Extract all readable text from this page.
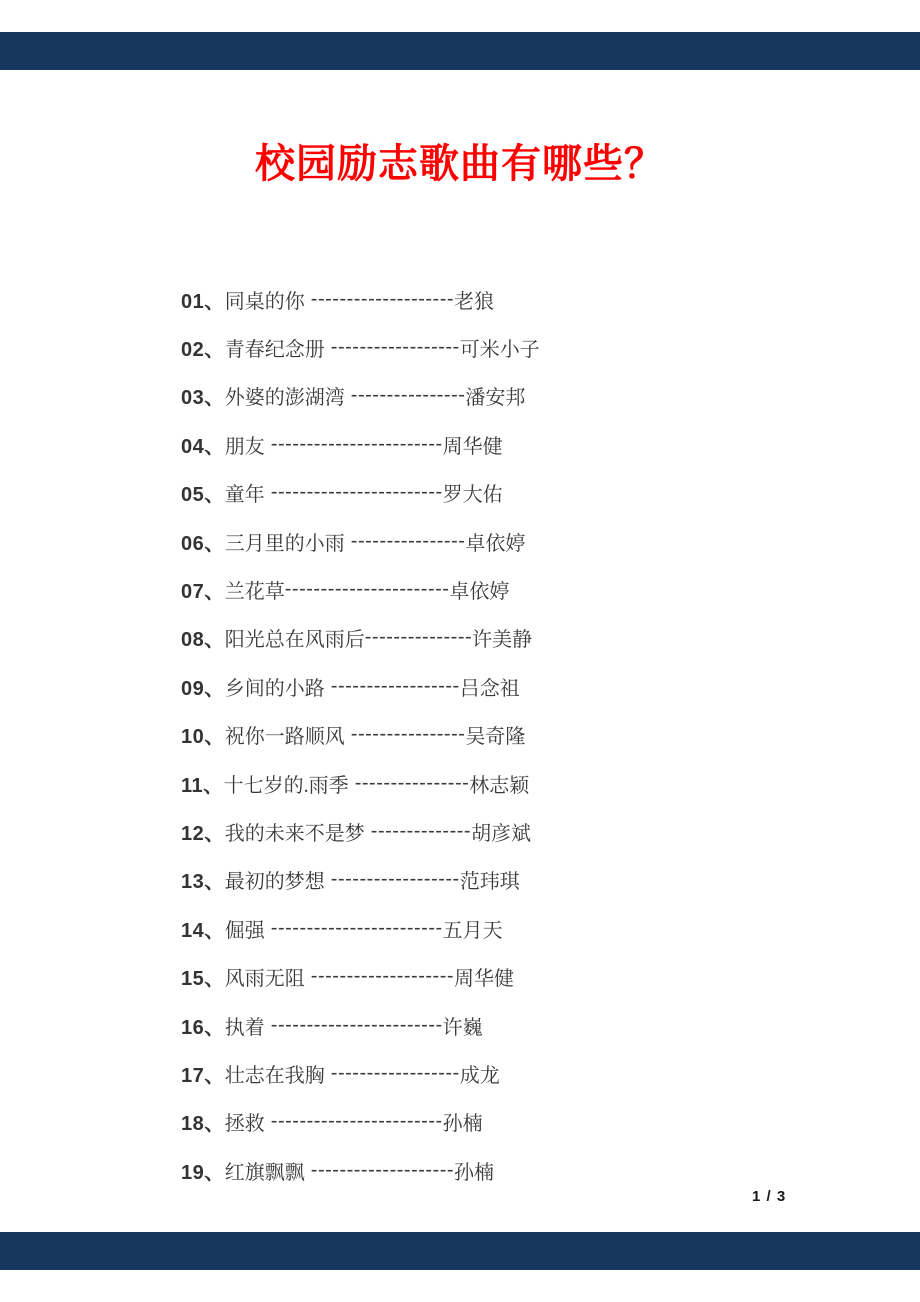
校园励志歌曲有哪些？
01、 同桌的你 -------------------- 老狼
02、 青春纪念册 ------------------ 可米小子
03、 外婆的澎湖湾 ---------------- 潘安邦
04、 朋友 ------------------------ 周华健
05、 童年 ------------------------ 罗大佑
06、 三月里的小雨 ---------------- 卓依婷
07、 兰花草 ----------------------- 卓依婷
08、 阳光总在风雨后 --------------- 许美静
09、 乡间的小路 ------------------ 吕念祖
10、 祝你一路顺风 ---------------- 吴奇隆
11、 十七岁的.雨季 ---------------- 林志颖
12、 我的未来不是梦 -------------- 胡彦斌
13、 最初的梦想 ------------------ 范玮琪
14、 倔强 ------------------------ 五月天
15、 风雨无阻 -------------------- 周华健
16、 执着 ------------------------ 许巍
17、 壮志在我胸 ------------------ 成龙
18、 拯救 ------------------------ 孙楠
19、 红旗飘飘 -------------------- 孙楠
1 / 3
